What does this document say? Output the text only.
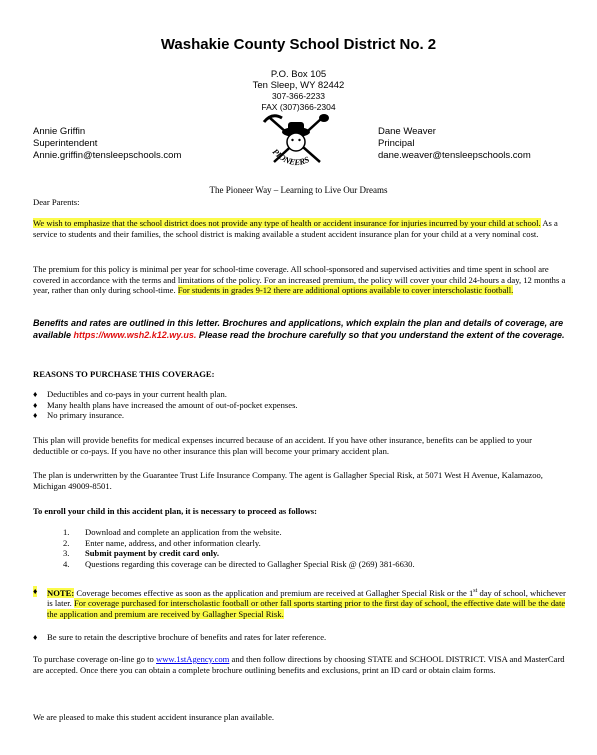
Washakie County School District No. 2
P.O. Box 105
Ten Sleep, WY 82442
307-366-2233
FAX (307)366-2304
Annie Griffin
Superintendent
Annie.griffin@tensleepschools.com	PIONEERS
Dane Weaver
Principal
dane.weaver@tensleepschools.com
The Pioneer Way – Learning to Live Our Dreams

Dear Parents:

We wish to emphasize that the school district does not provide any type of health or accident insurance for injuries incurred by your child at school. As a service to students and their families, the school district is making available a student accident insurance plan for your child at a very nominal cost.

The premium for this policy is minimal per year for school-time coverage. All school-sponsored and supervised activities and time spent in school are covered in accordance with the terms and limitations of the policy. For an increased premium, the policy will cover your child 24-hours a day, 12 months a year, rather than only during school-time. For students in grades 9-12 there are additional options available to cover interscholastic football.

Benefits and rates are outlined in this letter. Brochures and applications, which explain the plan and details of coverage, are available https://www.wsh2.k12.wy.us. Please read the brochure carefully so that you understand the extent of the coverage.

REASONS TO PURCHASE THIS COVERAGE:

♦ Deductibles and co-pays in your current health plan.
♦ Many health plans have increased the amount of out-of-pocket expenses.
♦ No primary insurance.

This plan will provide benefits for medical expenses incurred because of an accident. If you have other insurance, benefits can be applied to your deductible or co-pays. If you have no other insurance this plan will become your primary accident plan.

The plan is underwritten by the Guarantee Trust Life Insurance Company. The agent is Gallagher Special Risk, at 5071 West H Avenue, Kalamazoo, Michigan 49009-8501.

To enroll your child in this accident plan, it is necessary to proceed as follows:

1. Download and complete an application from the website.
2. Enter name, address, and other information clearly.
3. Submit payment by credit card only.
4. Questions regarding this coverage can be directed to Gallagher Special Risk @ (269) 381-6630.
♦ NOTE: Coverage becomes effective as soon as the application and premium are received at Gallagher Special Risk or the 1st day of school, whichever is later. For coverage purchased for interscholastic football or other fall sports starting prior to the first day of school, the effective date will be the date the application and premium are received by Gallagher Special Risk.
♦ Be sure to retain the descriptive brochure of benefits and rates for later reference.

To purchase coverage on-line go to www.1stAgency.com and then follow directions by choosing STATE and SCHOOL DISTRICT. VISA and MasterCard are accepted. Once there you can obtain a complete brochure outlining benefits and exclusions, print an ID card or obtain claim forms.

We are pleased to make this student accident insurance plan available.
